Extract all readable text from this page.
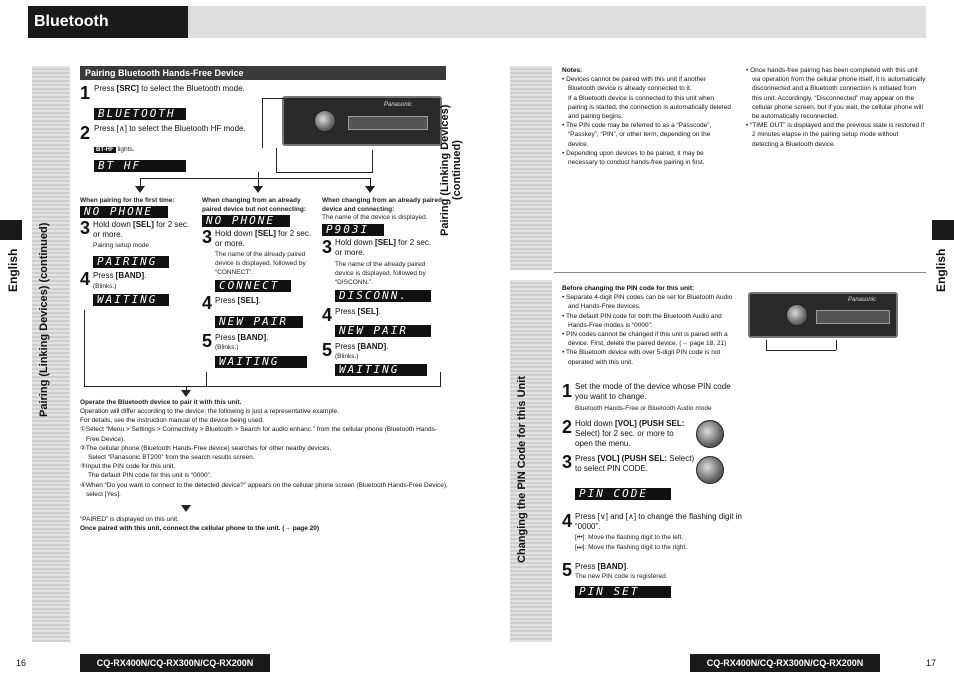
Bluetooth (continued)
Pairing (Linking Devices) (continued)
English
Pairing Bluetooth Hands-Free Device
1 Press [SRC] to select the Bluetooth mode.
BLUETOOTH
2 Press [∧] to select the Bluetooth HF mode.
BT-HF lights.
BT HF
Panasonic
When pairing for the first time:
NO PHONE
3 Hold down [SEL] for 2 sec. or more.
Pairing setup mode
PAIRING
4 Press [BAND].
(Blinks.)
WAITING
When changing from an already paired device but not connecting:
NO PHONE
3 Hold down [SEL] for 2 sec. or more.
The name of the already paired device is displayed, followed by “CONNECT”.
CONNECT
4 Press [SEL].
NEW PAIR
5 Press [BAND].
(Blinks.)
WAITING
When changing from an already paired device and connecting:
The name of the device is displayed.
P903I
3 Hold down [SEL] for 2 sec. or more.
The name of the already paired device is displayed, followed by “DISCONN.”.
DISCONN.
4 Press [SEL].
NEW PAIR
5 Press [BAND].
(Blinks.)
WAITING
Operate the Bluetooth device to pair it with this unit.
Operation will differ according to the device; the following is just a representative example.
For details, see the instruction manual of the device being used.
①Select “Menu > Settings > Connectivity > Bluetooth > Search for audio enhanc.” from the cellular phone (Bluetooth Hands-Free Device).
②The cellular phone (Bluetooth Hands-Free device) searches for other nearby devices.
Select “Panasonic BT200” from the search results screen.
③Input the PIN code for this unit.
The default PIN code for this unit is “0000”.
④When “Do you want to connect to the detected device?” appears on the cellular phone screen (Bluetooth Hands-Free Device), select [Yes].
“PAIRED” is displayed on this unit.
Once paired with this unit, connect the cellular phone to the unit. (→ page 20)
16	CQ-RX400N/CQ-RX300N/CQ-RX200N
Pairing (Linking Devices) (continued)
Notes:
• Devices cannot be paired with this unit if another Bluetooth device is already connected to it.
If a Bluetooth device is connected to this unit when pairing is started, the connection is automatically deleted and pairing begins.
• The PIN code may be referred to as a “Passcode”, “Passkey”, “PIN”, or other term, depending on the device.
• Depending upon devices to be paired, it may be necessary to conduct hands-free pairing in first.
• Once hands-free pairing has been completed with this unit via operation from the cellular phone itself, it is automatically disconnected and a Bluetooth connection is initiated from this unit. Accordingly, “Disconnected” may appear on the cellular phone screen, but if you wait, the cellular phone will be automatically reconnected.
• “TIME OUT” is displayed and the previous state is restored if 2 minutes elapse in the pairing setup mode without detecting a Bluetooth device.
Changing the PIN Code for this Unit
English
Before changing the PIN code for this unit:
• Separate 4-digit PIN codes can be set for Bluetooth Audio and Hands-Free devices.
• The default PIN code for both the Bluetooth Audio and Hands-Free modes is “0000”.
• PIN codes cannot be changed if this unit is paired with a device. First, delete the paired device. (→ page 18, 21)
• The Bluetooth device with over 5-digit PIN code is not operated with this unit.
Panasonic
1 Set the mode of the device whose PIN code you want to change.
Bluetooth Hands-Free or Bluetooth Audio mode
2 Hold down [VOL] (PUSH SEL: Select) for 2 sec. or more to open the menu.
3 Press [VOL] (PUSH SEL: Select) to select PIN CODE.
PIN CODE
4 Press [∨] and [∧] to change the flashing digit in “0000”.
[⏮]: Move the flashing digit to the left.
[⏭]: Move the flashing digit to the right.
5 Press [BAND].
The new PIN code is registered.
PIN SET
CQ-RX400N/CQ-RX300N/CQ-RX200N	17
